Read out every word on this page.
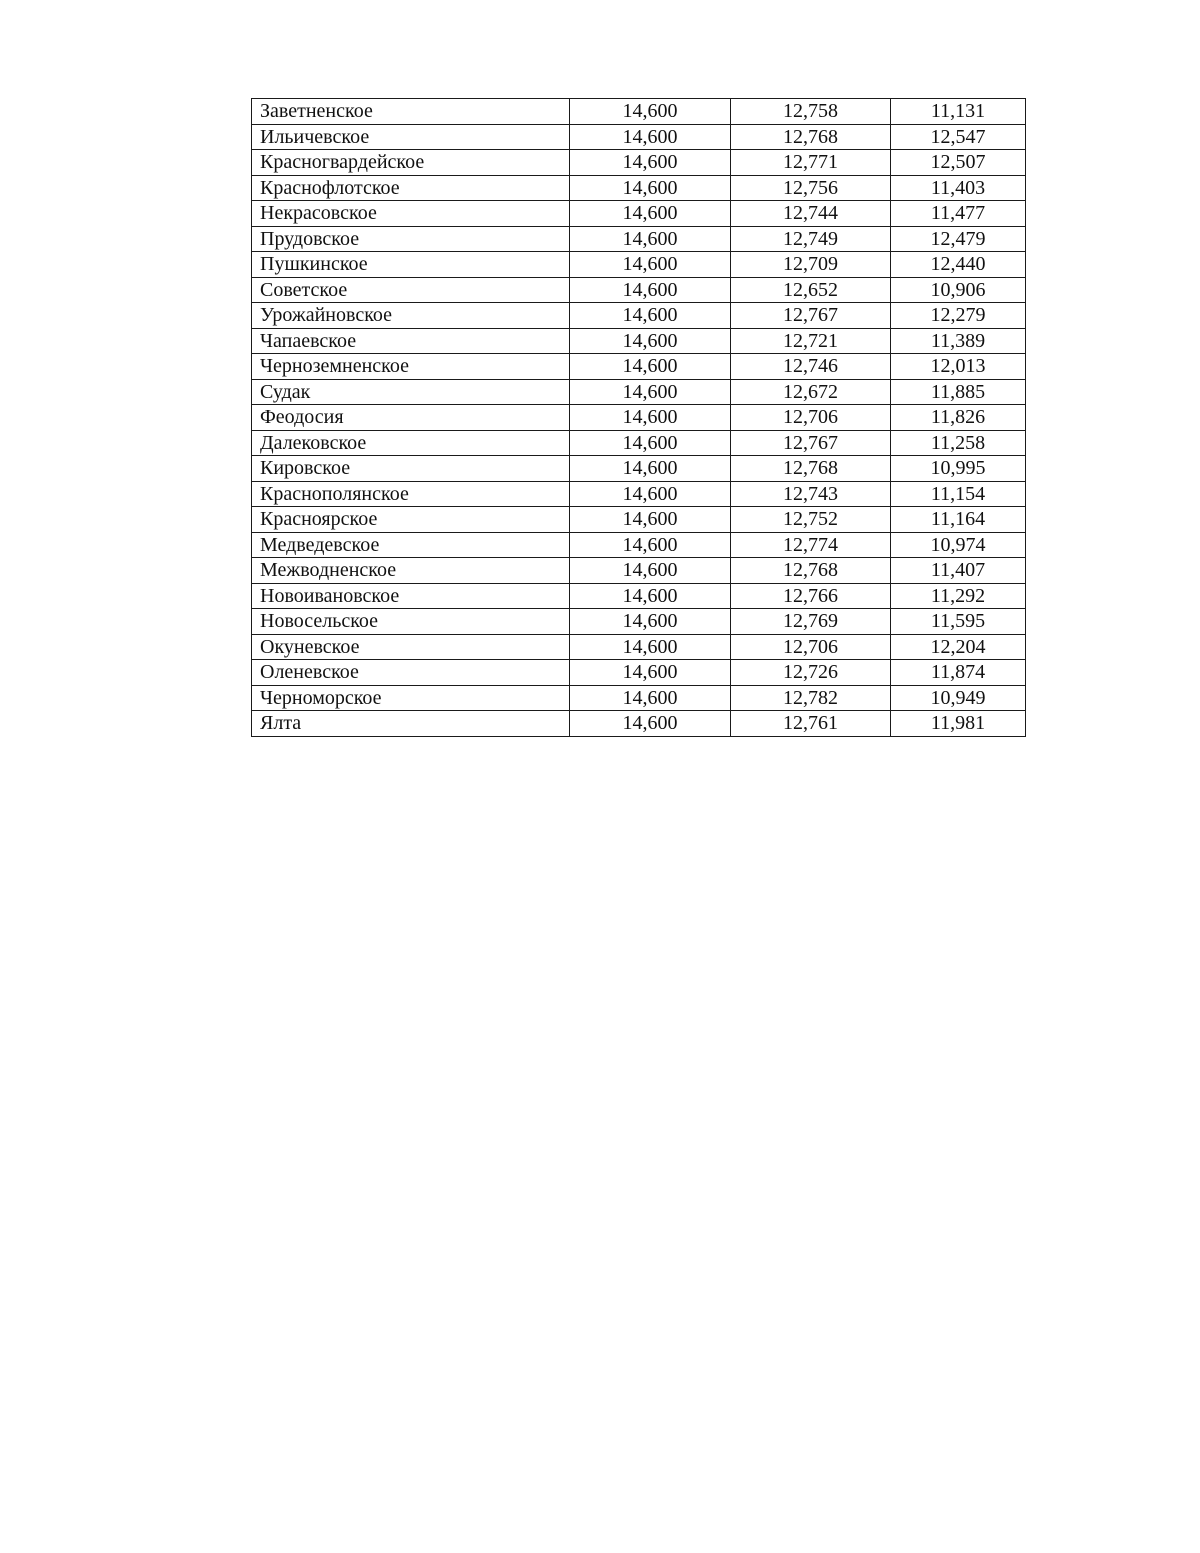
Заветненское	14,600	12,758	11,131
Ильичевское	14,600	12,768	12,547
Красногвардейское	14,600	12,771	12,507
Краснофлотское	14,600	12,756	11,403
Некрасовское	14,600	12,744	11,477
Прудовское	14,600	12,749	12,479
Пушкинское	14,600	12,709	12,440
Советское	14,600	12,652	10,906
Урожайновское	14,600	12,767	12,279
Чапаевское	14,600	12,721	11,389
Черноземненское	14,600	12,746	12,013
Судак	14,600	12,672	11,885
Феодосия	14,600	12,706	11,826
Далековское	14,600	12,767	11,258
Кировское	14,600	12,768	10,995
Краснополянское	14,600	12,743	11,154
Красноярское	14,600	12,752	11,164
Медведевское	14,600	12,774	10,974
Межводненское	14,600	12,768	11,407
Новоивановское	14,600	12,766	11,292
Новосельское	14,600	12,769	11,595
Окуневское	14,600	12,706	12,204
Оленевское	14,600	12,726	11,874
Черноморское	14,600	12,782	10,949
Ялта	14,600	12,761	11,981
